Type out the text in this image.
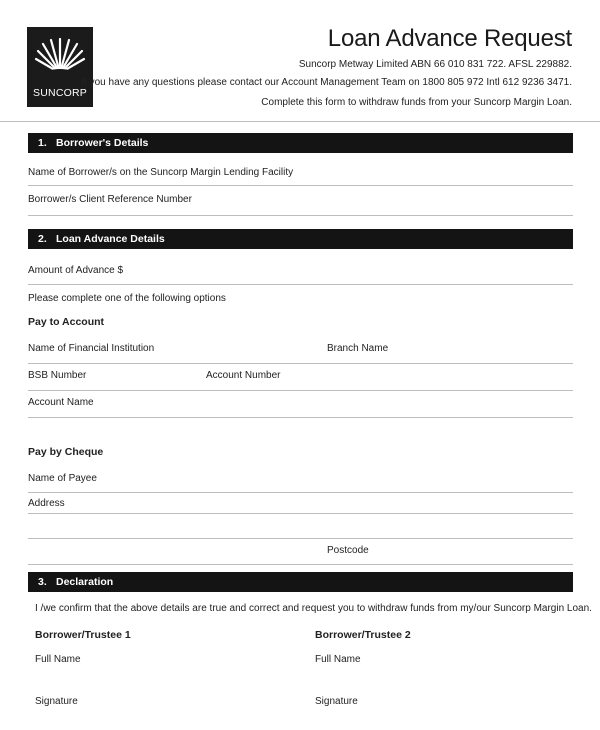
SUNCORP
Loan Advance Request
Suncorp Metway Limited ABN 66 010 831 722. AFSL 229882.
If you have any questions please contact our Account Management Team on 1800 805 972 Intl 612 9236 3471.
Complete this form to withdraw funds from your Suncorp Margin Loan.
1. Borrower's Details
Name of Borrower/s on the Suncorp Margin Lending Facility
Borrower/s Client Reference Number
2. Loan Advance Details
Amount of Advance $
Please complete one of the following options
Pay to Account
Name of Financial Institution	Branch Name
BSB Number	Account Number
Account Name
Pay by Cheque
Name of Payee
Address
Postcode
3. Declaration
I /we confirm that the above details are true and correct and request you to withdraw funds from my/our Suncorp Margin Loan.
Borrower/Trustee 1	Borrower/Trustee 2
Full Name	Full Name
Signature	Signature
